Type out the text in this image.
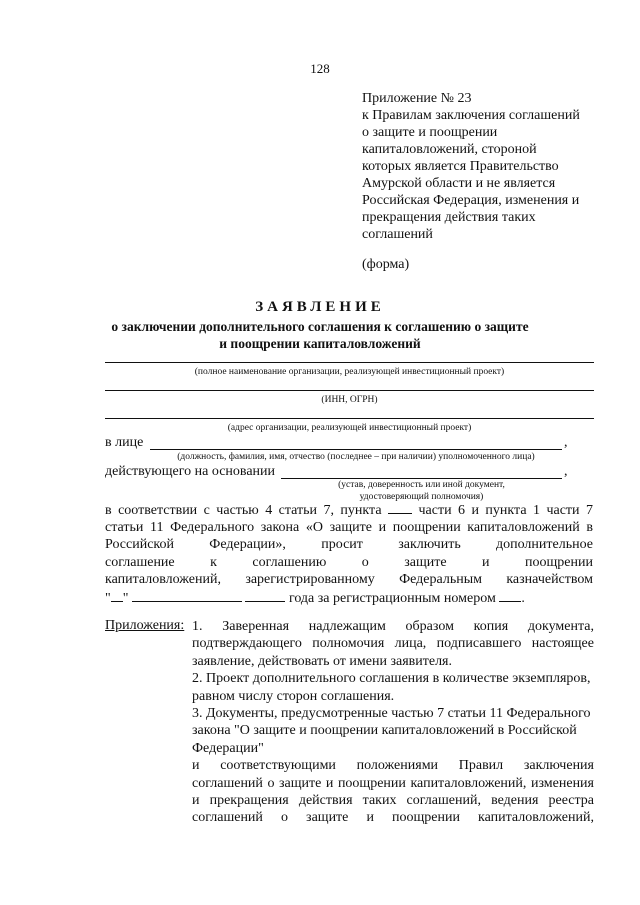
128
Приложение № 23
к Правилам заключения соглашений
о защите и поощрении
капиталовложений, стороной
которых является Правительство
Амурской области и не является
Российская Федерация, изменения и
прекращения действия таких
соглашений
(форма)
ЗАЯВЛЕНИЕ
о заключении дополнительного соглашения к соглашению о защите
и поощрении капиталовложений
(полное наименование организации, реализующей инвестиционный проект)
(ИНН, ОГРН)
(адрес организации, реализующей инвестиционный проект)
в лице	,
(должность, фамилия, имя, отчество (последнее – при наличии) уполномоченного лица)
действующего на основании	,
(устав, доверенность или иной документ,
удостоверяющий полномочия)
в соответствии с частью 4 статьи 7, пункта	части 6 и пункта 1 части 7
статьи 11 Федерального закона «О защите и поощрении капиталовложений в
Российской Федерации», просит заключить дополнительное
соглашение к соглашению о защите и поощрении
капиталовложений, зарегистрированному Федеральным казначейством
" "	года за регистрационным номером .
Приложения: 1. Заверенная надлежащим образом копия документа,
подтверждающего полномочия лица, подписавшего настоящее
заявление, действовать от имени заявителя.
2. Проект дополнительного соглашения в количестве экземпляров,
равном числу сторон соглашения.
3. Документы, предусмотренные частью 7 статьи 11 Федерального
закона "О защите и поощрении капиталовложений в Российской
Федерации"
и соответствующими положениями Правил заключения
соглашений о защите и поощрении капиталовложений, изменения
и прекращения действия таких соглашений, ведения реестра
соглашений о защите и поощрении капиталовложений,
